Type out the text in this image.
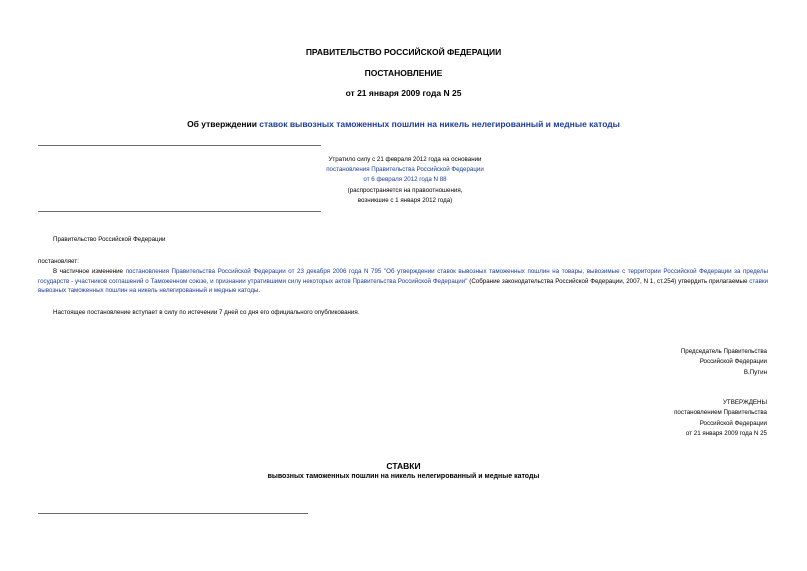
ПРАВИТЕЛЬСТВО РОССИЙСКОЙ ФЕДЕРАЦИИ
ПОСТАНОВЛЕНИЕ
от 21 января 2009 года N 25
Об утверждении ставок вывозных таможенных пошлин на никель нелегированный и медные катоды
Утратило силу с 21 февраля 2012 года на основании
постановления Правительства Российской Федерации
от 6 февраля 2012 года N 88
(распространяется на правоотношения,
возникшие с 1 января 2012 года)
Правительство Российской Федерации
постановляет:
В частичное изменение постановления Правительства Российской Федерации от 23 декабря 2006 года N 795 "Об утверждении ставок вывозных таможенных пошлин на товары, вывозимые с территории Российской Федерации за пределы государств - участников соглашений о Таможенном союзе, и признании утратившими силу некоторых актов Правительства Российской Федерации" (Собрание законодательства Российской Федерации, 2007, N 1, ст.254) утвердить прилагаемые ставки вывозных таможенных пошлин на никель нелегированный и медные катоды.
Настоящее постановление вступает в силу по истечении 7 дней со дня его официального опубликования.
Председатель Правительства
Российской Федерации
В.Путин
УТВЕРЖДЕНЫ
постановлением Правительства
Российской Федерации
от 21 января 2009 года N 25
СТАВКИ
вывозных таможенных пошлин на никель нелегированный и медные катоды
